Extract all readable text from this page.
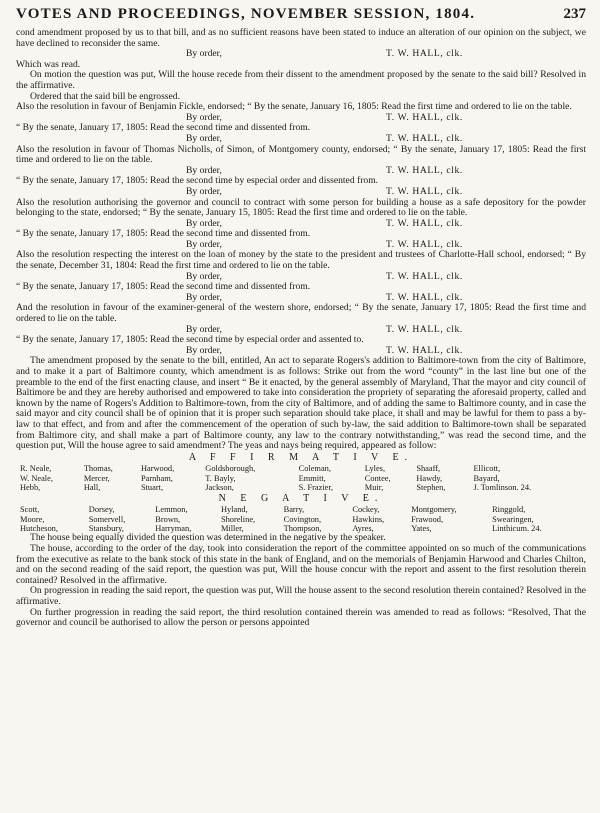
VOTES AND PROCEEDINGS, NOVEMBER SESSION, 1804.	237

cond amendment proposed by us to that bill, and as no sufficient reasons have been stated to induce an alteration of our opinion on the subject, we have declined to reconsider the same.

By order,	T. W. HALL, clk.

Which was read.

On motion the question was put, Will the house recede from their dissent to the amendment proposed by the senate to the said bill? Resolved in the affirmative.

Ordered that the said bill be engrossed.

Also the resolution in favour of Benjamin Fickle, endorsed; “ By the senate, January 16, 1805: Read the first time and ordered to lie on the table.

By order,	T. W. HALL, clk.

“ By the senate, January 17, 1805: Read the second time and dissented from.

By order,	T. W. HALL, clk.

Also the resolution in favour of Thomas Nicholls, of Simon, of Montgomery county, endorsed; “ By the senate, January 17, 1805: Read the first time and ordered to lie on the table.

By order,	T. W. HALL, clk.

“ By the senate, January 17, 1805: Read the second time by especial order and dissented from.

By order,	T. W. HALL, clk.

Also the resolution authorising the governor and council to contract with some person for building a house as a safe depository for the powder belonging to the state, endorsed; “ By the senate, January 15, 1805: Read the first time and ordered to lie on the table.

By order,	T. W. HALL, clk.

“ By the senate, January 17, 1805: Read the second time and dissented from.

By order,	T. W. HALL, clk.

Also the resolution respecting the interest on the loan of money by the state to the president and trustees of Charlotte-Hall school, endorsed; “ By the senate, December 31, 1804: Read the first time and ordered to lie on the table.

By order,	T. W. HALL, clk.

“ By the senate, January 17, 1805: Read the second time and dissented from.

By order,	T. W. HALL, clk.

And the resolution in favour of the examiner-general of the western shore, endorsed; “ By the senate, January 17, 1805: Read the first time and ordered to lie on the table.

By order,	T. W. HALL, clk.

“ By the senate, January 17, 1805: Read the second time by especial order and assented to.

By order,	T. W. HALL, clk.

The amendment proposed by the senate to the bill, entitled, An act to separate Rogers's addition to Baltimore-town from the city of Baltimore, and to make it a part of Baltimore county, which amendment is as follows: Strike out from the word “county” in the last line but one of the preamble to the end of the first enacting clause, and insert “ Be it enacted, by the general assembly of Maryland, That the mayor and city council of Baltimore be and they are hereby authorised and empowered to take into consideration the propriety of separating the aforesaid property, called and known by the name of Rogers's Addition to Baltimore-town, from the city of Baltimore, and of adding the same to Baltimore county, and in case the said mayor and city council shall be of opinion that it is proper such separation should take place, it shall and may be lawful for them to pass a by-law to that effect, and from and after the commencement of the operation of such by-law, the said addition to Baltimore-town shall be separated from Baltimore city, and shall make a part of Baltimore county, any law to the contrary notwithstanding,” was read the second time, and the question put, Will the house agree to said amendment? The yeas and nays being required, appeared as follow:

A F F I R M A T I V E.
R. Neale,	Thomas,	Harwood,	Goldsborough,	Coleman,	Lyles,	Shaaff,	Ellicott,
W. Neale,	Mercer,	Parnham,	T. Bayly,	Emmitt,	Contee,	Hawdy,	Bayard,
Hebb,	Hall,	Stuart,	Jackson,	S. Frazier,	Muir,	Stephen,	J. Tomlinson. 24.
N E G A T I V E.
Scott,	Dorsey,	Lemmon,	Hyland,	Barry,	Cockey,	Montgomery,	Ringgold,
Moore,	Somervell,	Brown,	Shoreline,	Covington,	Hawkins,	Frawood,	Swearingen,
Hutcheson,	Stansbury,	Harryman,	Miller,	Thompson,	Ayres,	Yates,	Linthicum. 24.

The house being equally divided the question was determined in the negative by the speaker.

The house, according to the order of the day, took into consideration the report of the committee appointed on so much of the communications from the executive as relate to the bank stock of this state in the bank of England, and on the memorials of Benjamin Harwood and Charles Chilton, and on the second reading of the said report, the question was put, Will the house concur with the report and assent to the first resolution therein contained? Resolved in the affirmative.

On progression in reading the said report, the question was put, Will the house assent to the second resolution therein contained? Resolved in the affirmative.

On further progression in reading the said report, the third resolution contained therein was amended to read as follows: “Resolved, That the governor and council be authorised to allow the person or persons appointed
